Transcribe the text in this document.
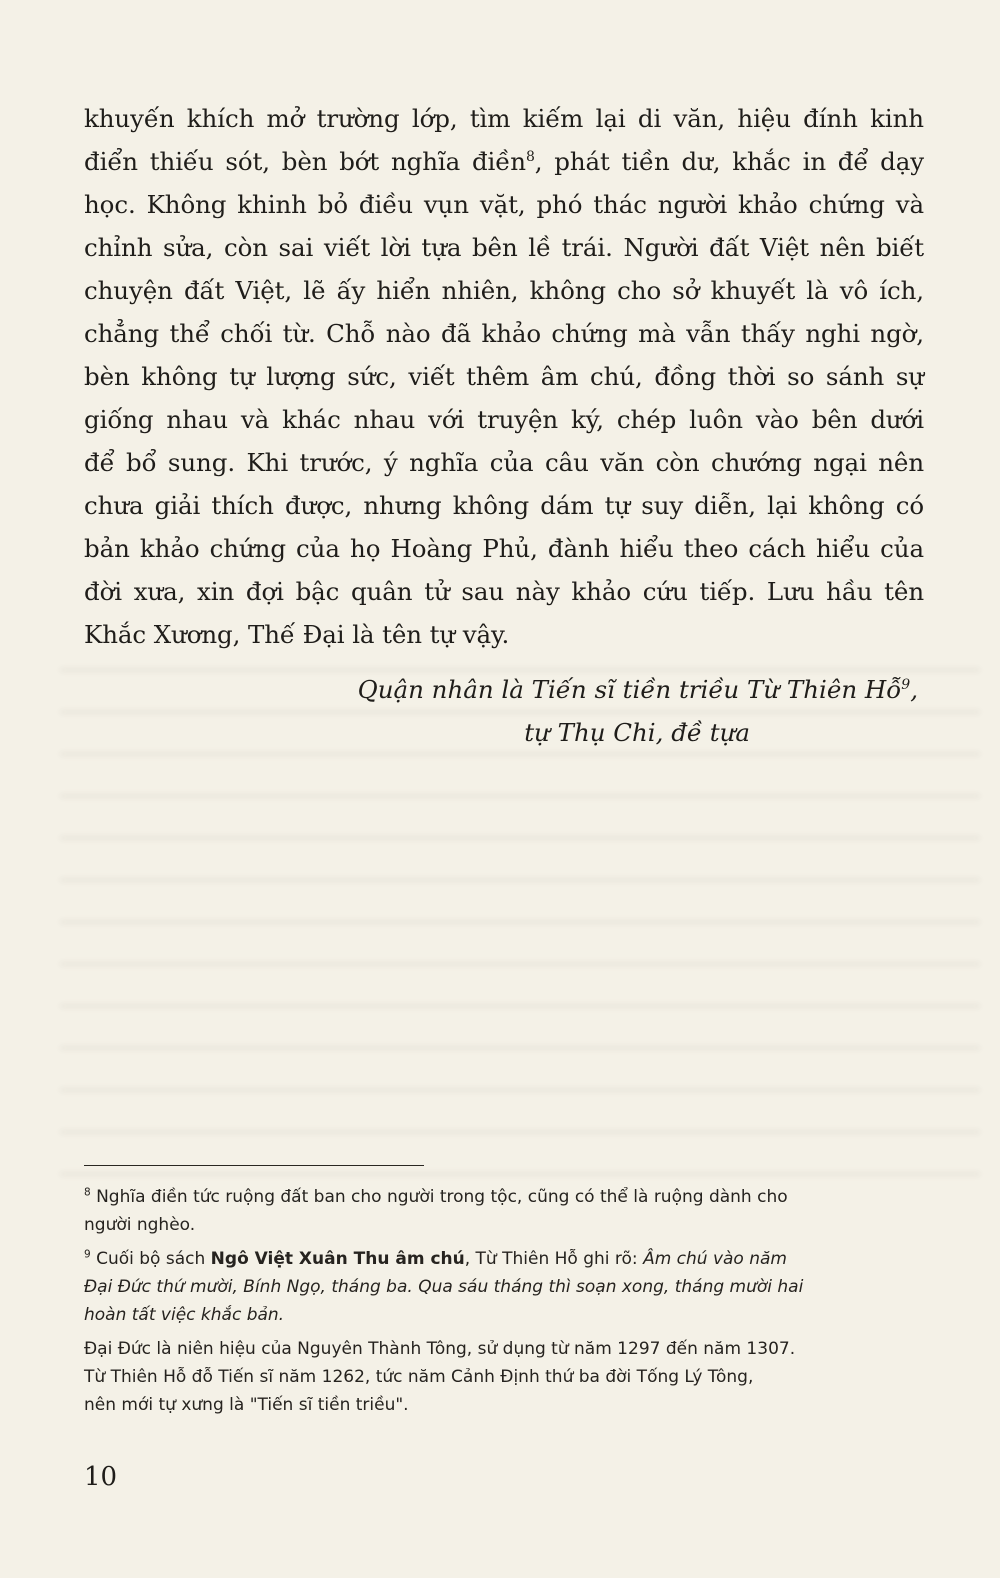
khuyến khích mở trường lớp, tìm kiếm lại di văn, hiệu đính kinh
điển thiếu sót, bèn bớt nghĩa điền$^8$, phát tiền dư, khắc in để dạy
học. Không khinh bỏ điều vụn vặt, phó thác người khảo chứng và
chỉnh sửa, còn sai viết lời tựa bên lề trái. Người đất Việt nên biết
chuyện đất Việt, lẽ ấy hiển nhiên, không cho sở khuyết là vô ích,
chẳng thể chối từ. Chỗ nào đã khảo chứng mà vẫn thấy nghi ngờ,
bèn không tự lượng sức, viết thêm âm chú, đồng thời so sánh sự
giống nhau và khác nhau với truyện ký, chép luôn vào bên dưới
để bổ sung. Khi trước, ý nghĩa của câu văn còn chướng ngại nên
chưa giải thích được, nhưng không dám tự suy diễn, lại không có
bản khảo chứng của họ Hoàng Phủ, đành hiểu theo cách hiểu của
đời xưa, xin đợi bậc quân tử sau này khảo cứu tiếp. Lưu hầu tên
Khắc Xương, Thế Đại là tên tự vậy.
Quận nhân là Tiến sĩ tiền triều Từ Thiên Hỗ$^9$,
tự Thụ Chi, đề tựa
$^8$ Nghĩa điền tức ruộng đất ban cho người trong tộc, cũng có thể là ruộng dành cho
người nghèo.
$^9$ Cuối bộ sách Ngô Việt Xuân Thu âm chú, Từ Thiên Hỗ ghi rõ: Âm chú vào năm
Đại Đức thứ mười, Bính Ngọ, tháng ba. Qua sáu tháng thì soạn xong, tháng mười hai
hoàn tất việc khắc bản.
Đại Đức là niên hiệu của Nguyên Thành Tông, sử dụng từ năm 1297 đến năm 1307.
Từ Thiên Hỗ đỗ Tiến sĩ năm 1262, tức năm Cảnh Định thứ ba đời Tống Lý Tông,
nên mới tự xưng là "Tiến sĩ tiền triều".
10
